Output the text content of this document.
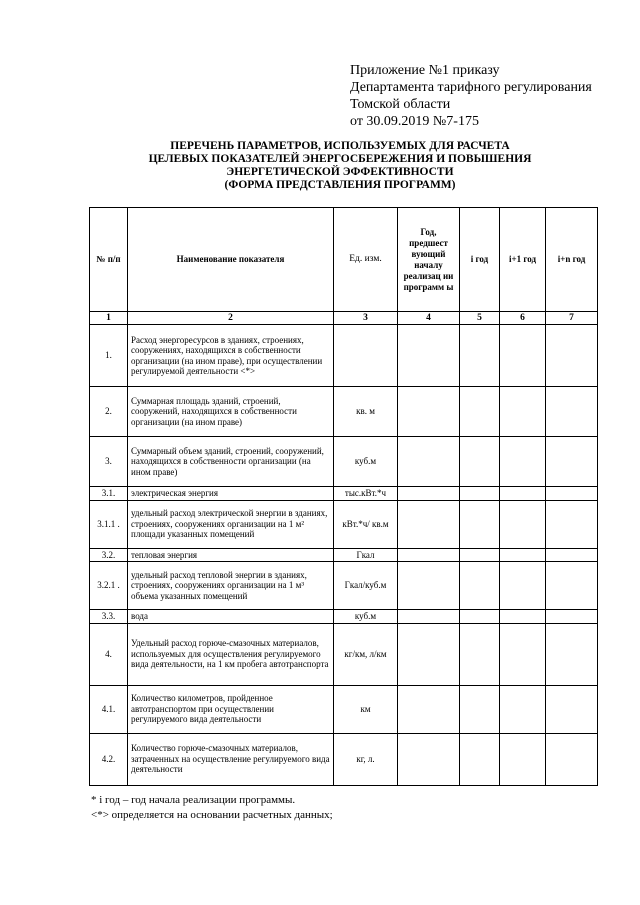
Приложение №1 приказу
Департамента тарифного регулирования
Томской области
от 30.09.2019 №7-175
ПЕРЕЧЕНЬ ПАРАМЕТРОВ, ИСПОЛЬЗУЕМЫХ ДЛЯ РАСЧЕТА
ЦЕЛЕВЫХ ПОКАЗАТЕЛЕЙ ЭНЕРГОСБЕРЕЖЕНИЯ И ПОВЫШЕНИЯ
ЭНЕРГЕТИЧЕСКОЙ ЭФФЕКТИВНОСТИ
(ФОРМА ПРЕДСТАВЛЕНИЯ ПРОГРАММ)
№ п/п	Наименование показателя	Ед. изм.	Год, предшест вующий началу реализац ии программ ы	i год	i+1 год	i+n год
1	2	3	4	5	6	7
1.	Расход энергоресурсов в зданиях, строениях, сооружениях, находящихся в собственности организации (на ином праве), при осуществлении регулируемой деятельности <*>					
2.	Суммарная площадь зданий, строений, сооружений, находящихся в собственности организации (на ином праве)	кв. м				
3.	Суммарный объем зданий, строений, сооружений, находящихся в собственности организации (на ином праве)	куб.м				
3.1.	электрическая энергия	тыс.кВт.*ч				
3.1.1 .	удельный расход электрической энергии в зданиях, строениях, сооружениях организации на 1 м² площади указанных помещений	кВт.*ч/ кв.м				
3.2.	тепловая энергия	Гкал				
3.2.1 .	удельный расход тепловой энергии в зданиях, строениях, сооружениях организации на 1 м³ объема указанных помещений	Гкал/куб.м				
3.3.	вода	куб.м				
4.	Удельный расход горюче-смазочных материалов, используемых для осуществления регулируемого вида деятельности, на 1 км пробега автотранспорта	кг/км, л/км				
4.1.	Количество километров, пройденное автотранспортом при осуществлении регулируемого вида деятельности	км				
4.2.	Количество горюче-смазочных материалов, затраченных на осуществление регулируемого вида деятельности	кг, л.				
* i год – год начала реализации программы.
<*> определяется на основании расчетных данных;
